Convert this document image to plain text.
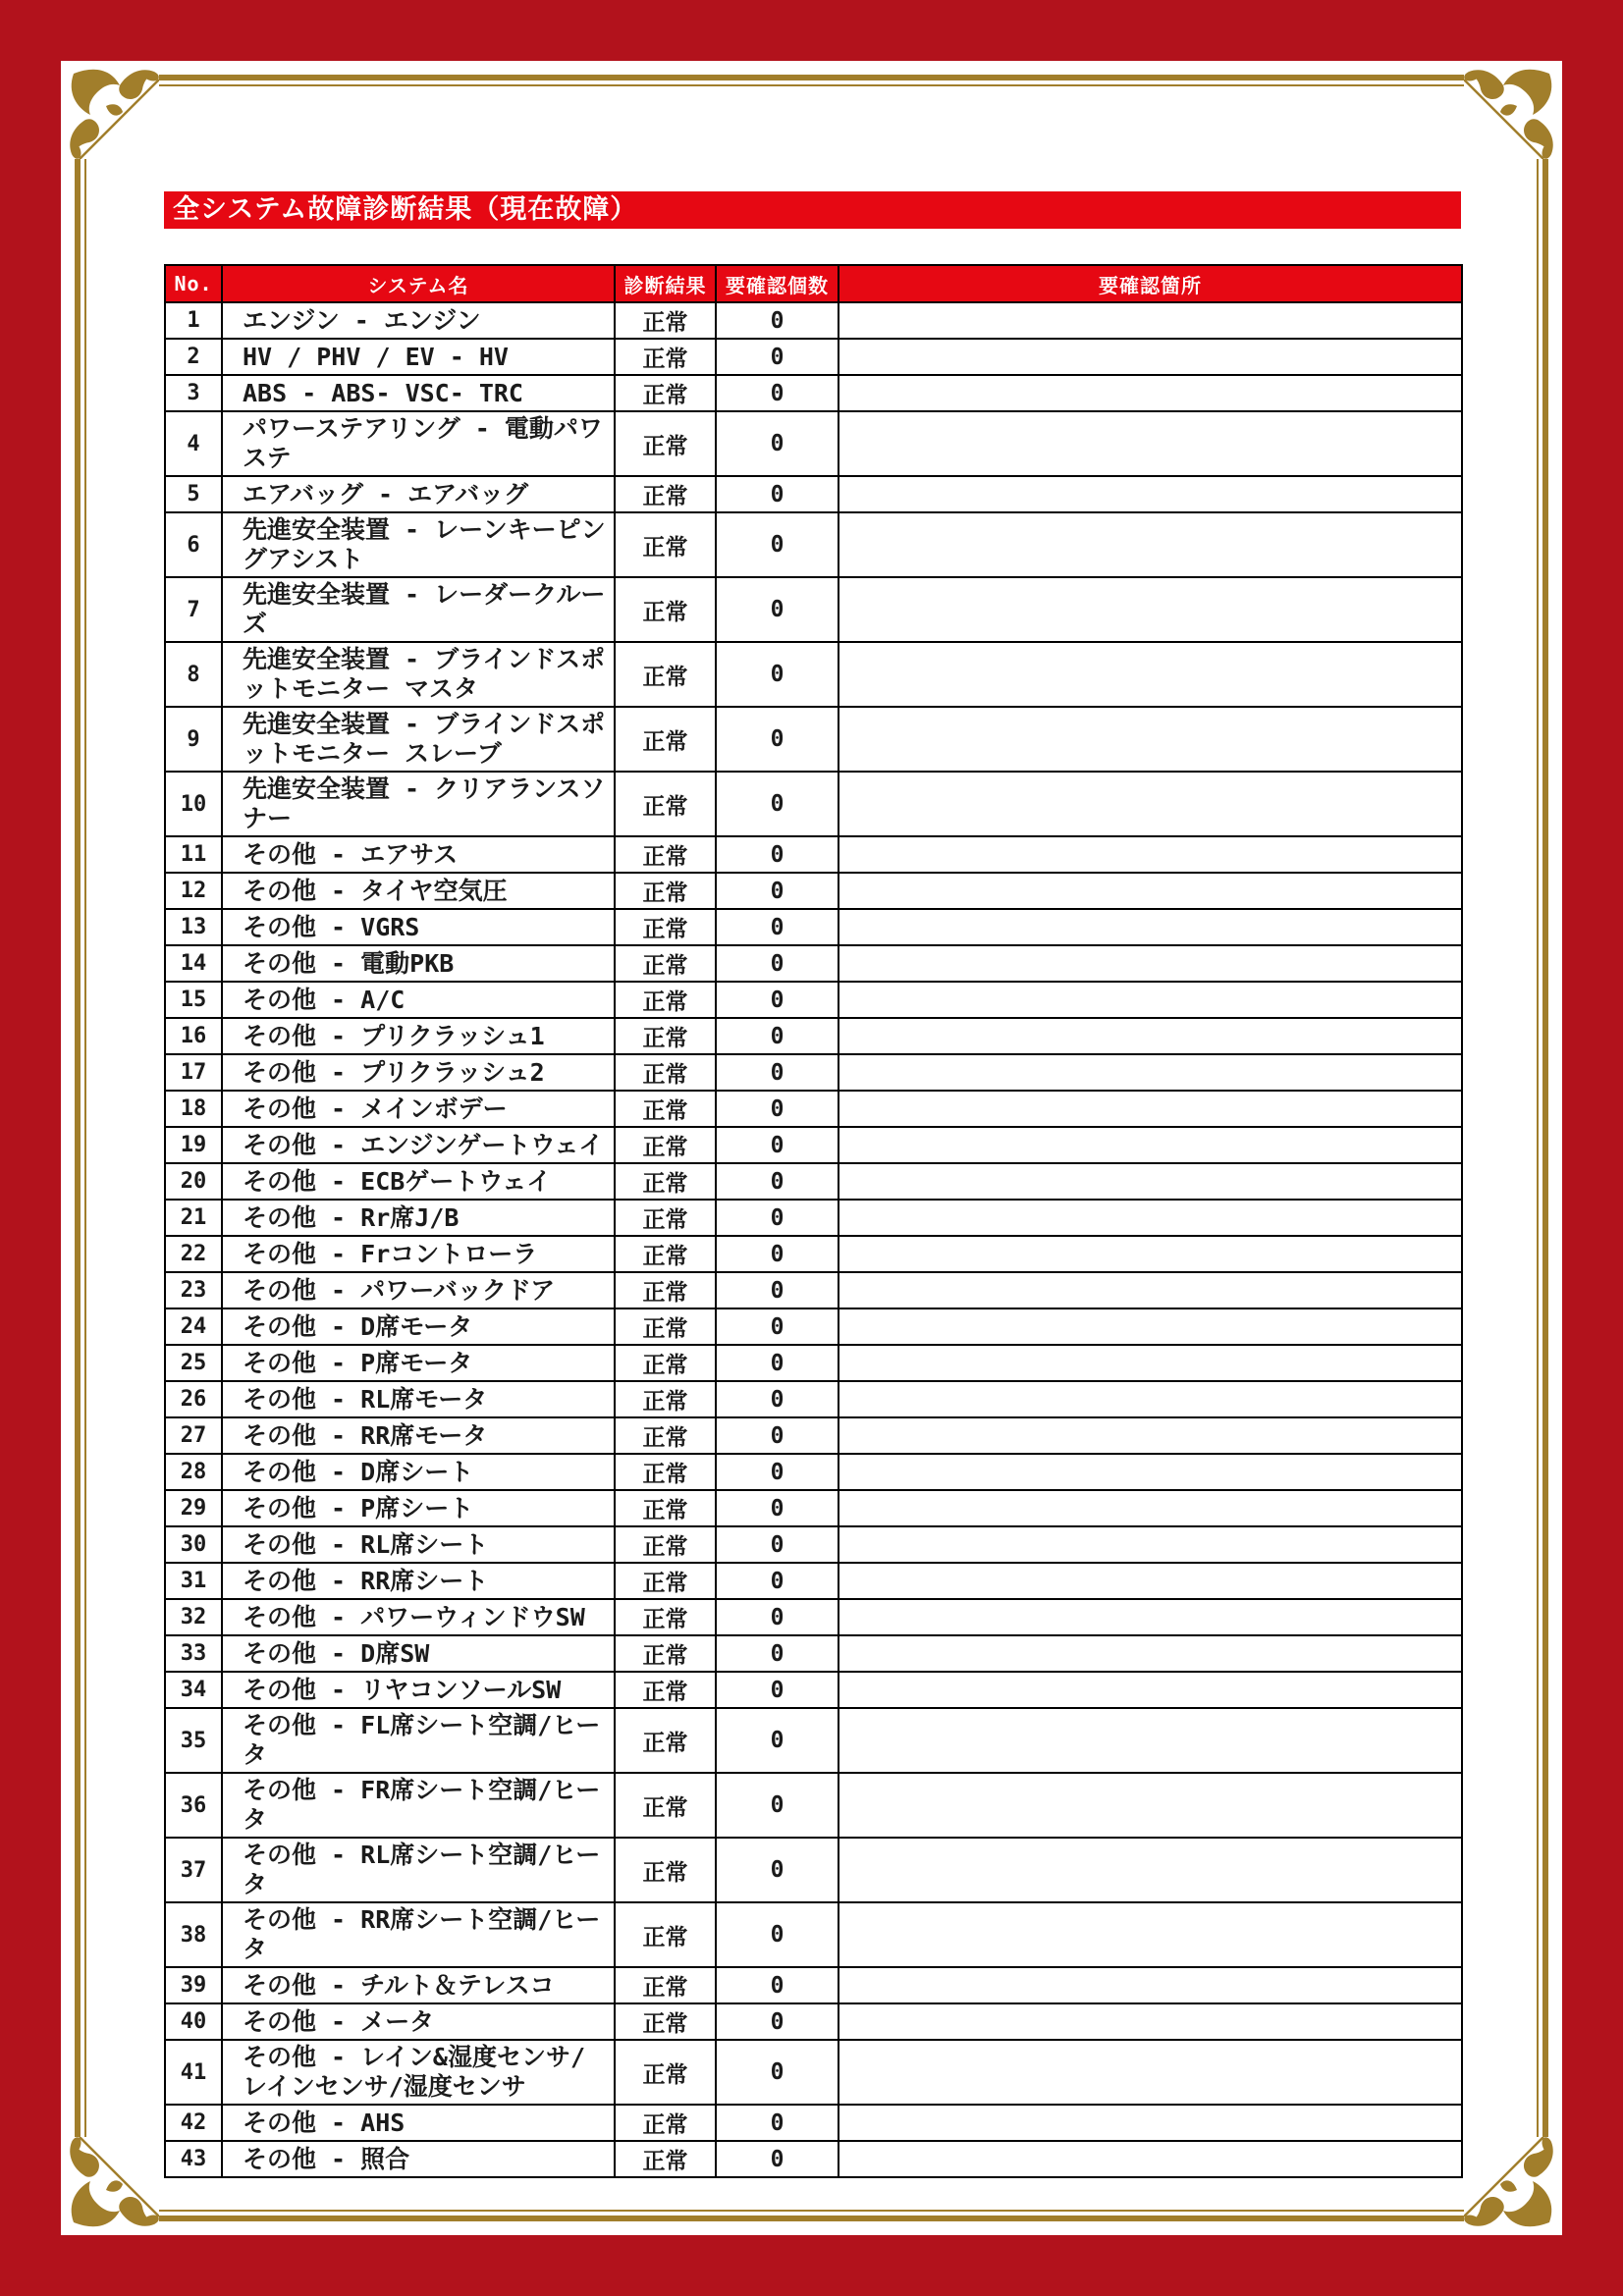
全システム故障診断結果（現在故障）
No.	システム名	診断結果	要確認個数	要確認箇所
1	エンジン - エンジン	正常	0	
2	HV / PHV / EV - HV	正常	0	
3	ABS - ABS- VSC- TRC	正常	0	
4	パワーステアリング - 電動パワステ	正常	0	
5	エアバッグ - エアバッグ	正常	0	
6	先進安全装置 - レーンキーピングアシスト	正常	0	
7	先進安全装置 - レーダークルーズ	正常	0	
8	先進安全装置 - ブラインドスポットモニター マスタ	正常	0	
9	先進安全装置 - ブラインドスポットモニター スレーブ	正常	0	
10	先進安全装置 - クリアランスソナー	正常	0	
11	その他 - エアサス	正常	0	
12	その他 - タイヤ空気圧	正常	0	
13	その他 - VGRS	正常	0	
14	その他 - 電動PKB	正常	0	
15	その他 - A/C	正常	0	
16	その他 - プリクラッシュ1	正常	0	
17	その他 - プリクラッシュ2	正常	0	
18	その他 - メインボデー	正常	0	
19	その他 - エンジンゲートウェイ	正常	0	
20	その他 - ECBゲートウェイ	正常	0	
21	その他 - Rr席J/B	正常	0	
22	その他 - Frコントローラ	正常	0	
23	その他 - パワーバックドア	正常	0	
24	その他 - D席モータ	正常	0	
25	その他 - P席モータ	正常	0	
26	その他 - RL席モータ	正常	0	
27	その他 - RR席モータ	正常	0	
28	その他 - D席シート	正常	0	
29	その他 - P席シート	正常	0	
30	その他 - RL席シート	正常	0	
31	その他 - RR席シート	正常	0	
32	その他 - パワーウィンドウSW	正常	0	
33	その他 - D席SW	正常	0	
34	その他 - リヤコンソールSW	正常	0	
35	その他 - FL席シート空調/ヒータ	正常	0	
36	その他 - FR席シート空調/ヒータ	正常	0	
37	その他 - RL席シート空調/ヒータ	正常	0	
38	その他 - RR席シート空調/ヒータ	正常	0	
39	その他 - チルト＆テレスコ	正常	0	
40	その他 - メータ	正常	0	
41	その他 - レイン&湿度センサ/レインセンサ/湿度センサ	正常	0	
42	その他 - AHS	正常	0	
43	その他 - 照合	正常	0	
